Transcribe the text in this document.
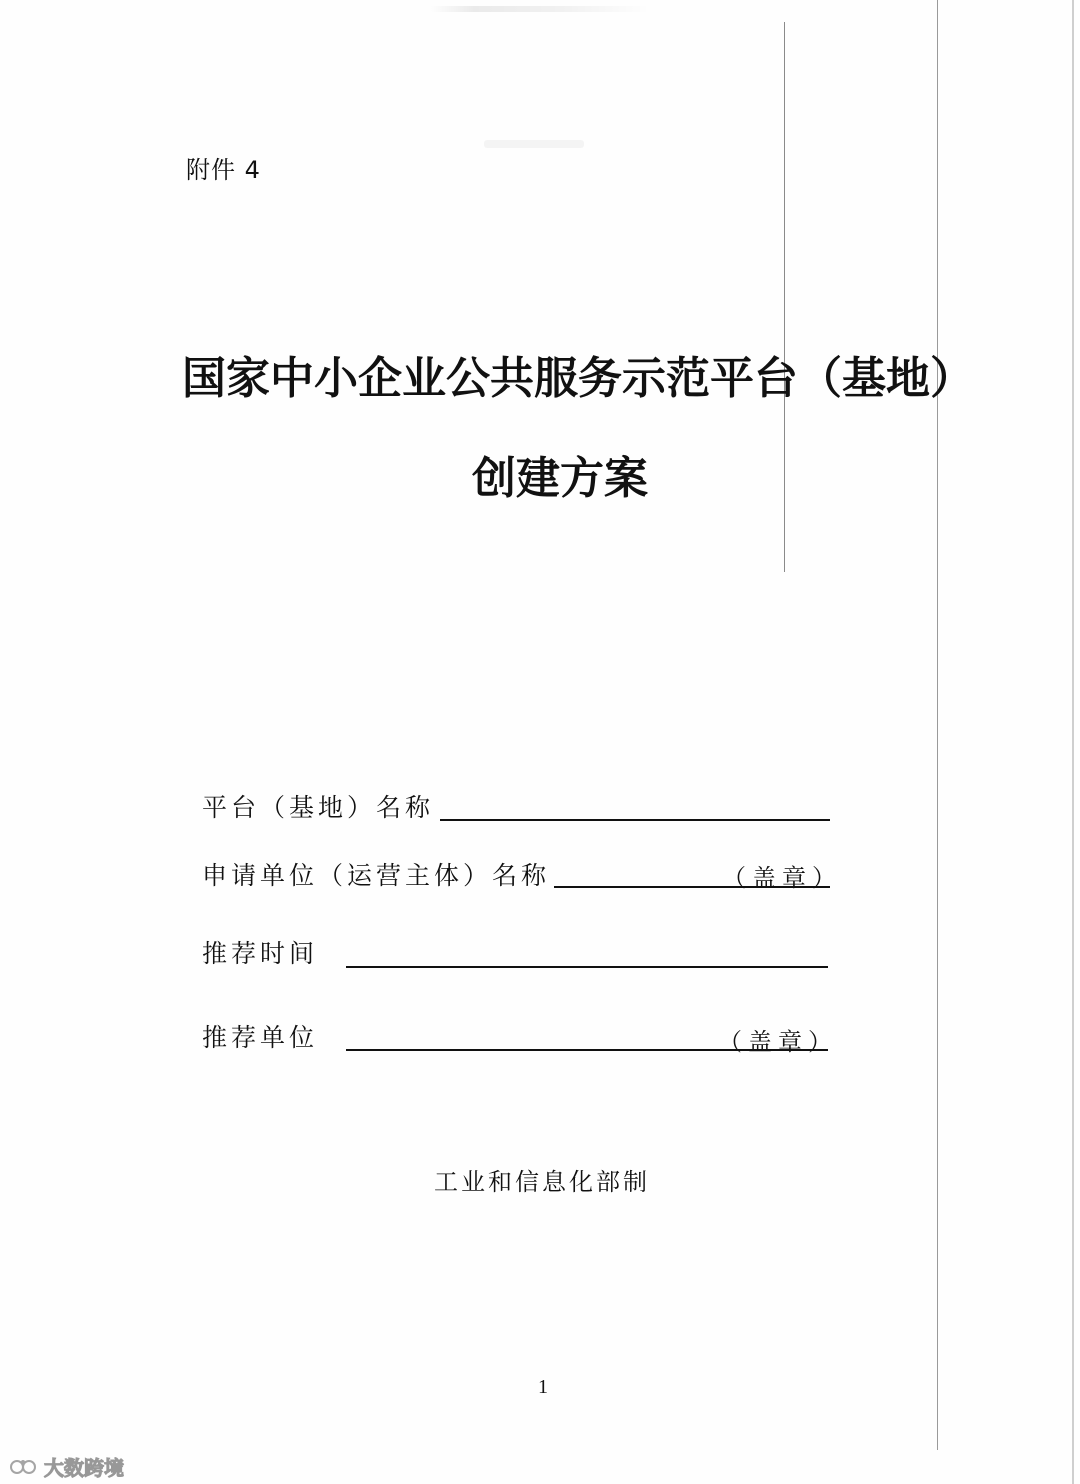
附件 4
国家中小企业公共服务示范平台（基地）
创建方案
平台（基地）名称
申请单位（运营主体）名称	（盖章）
推荐时间
推荐单位	（盖章）
工业和信息化部制
1
大数跨境
